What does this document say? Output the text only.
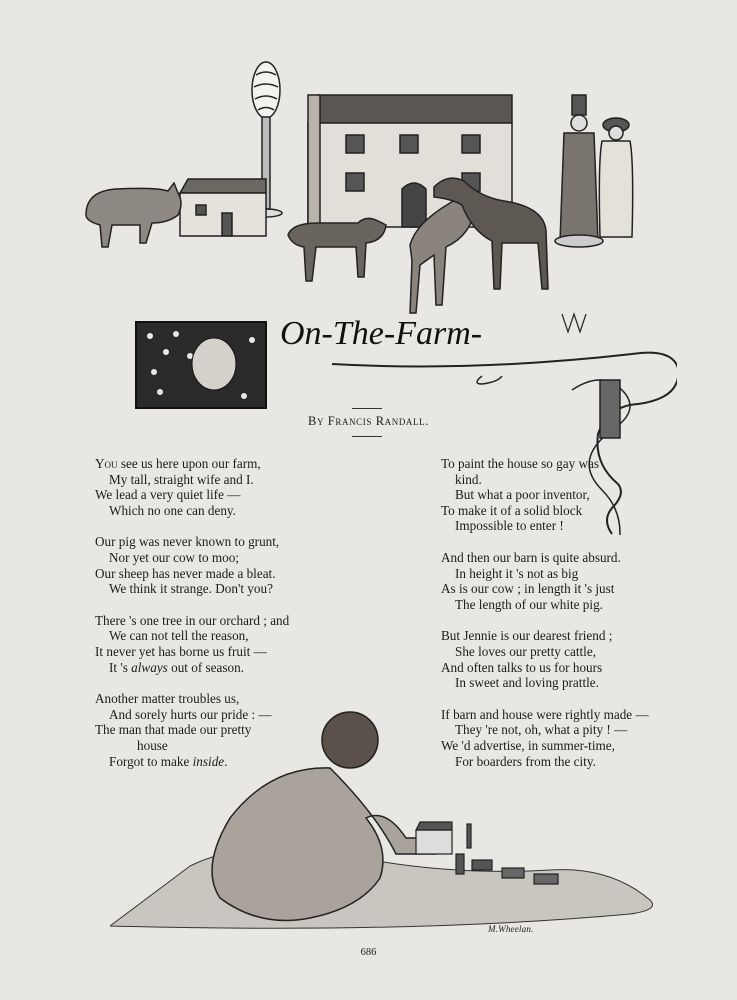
On-The-Farm-
By Francis Randall.
You see us here upon our farm,
My tall, straight wife and I.
We lead a very quiet life —
Which no one can deny.
Our pig was never known to grunt,
Nor yet our cow to moo;
Our sheep has never made a bleat.
We think it strange. Don't you?
There 's one tree in our orchard ; and
We can not tell the reason,
It never yet has borne us fruit —
It 's always out of season.
Another matter troubles us,
And sorely hurts our pride : —
The man that made our pretty
house
Forgot to make inside.
To paint the house so gay was
kind.
But what a poor inventor,
To make it of a solid block
Impossible to enter !
And then our barn is quite absurd.
In height it 's not as big
As is our cow ; in length it 's just
The length of our white pig.
But Jennie is our dearest friend ;
She loves our pretty cattle,
And often talks to us for hours
In sweet and loving prattle.
If barn and house were rightly made —
They 're not, oh, what a pity ! —
We 'd advertise, in summer-time,
For boarders from the city.
M.Wheelan.
686
